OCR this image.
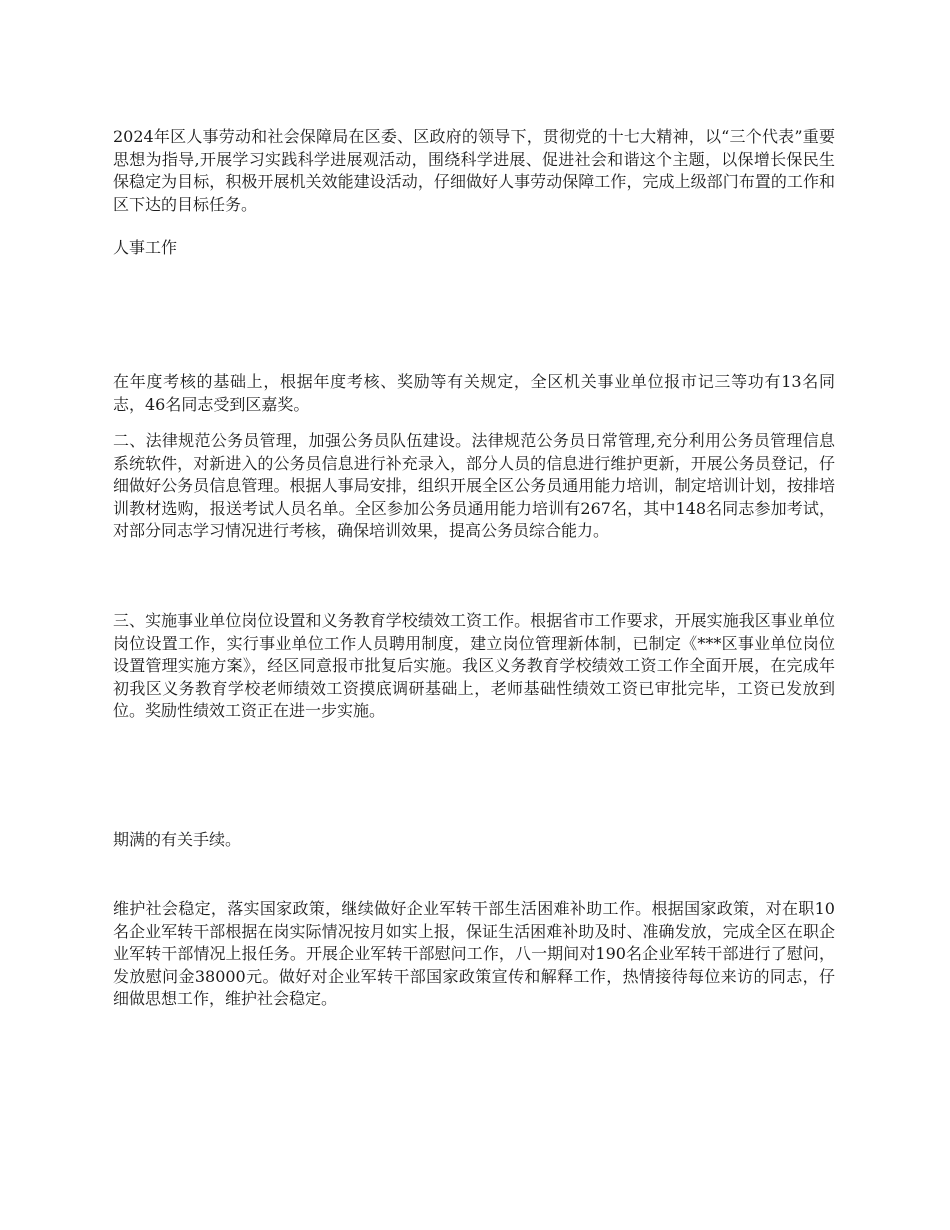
2024年区人事劳动和社会保障局在区委、区政府的领导下，贯彻党的十七大精神，以“三个代表”重要思想为指导,开展学习实践科学进展观活动，围绕科学进展、促进社会和谐这个主题，以保增长保民生保稳定为目标，积极开展机关效能建设活动，仔细做好人事劳动保障工作，完成上级部门布置的工作和区下达的目标任务。

人事工作

在年度考核的基础上，根据年度考核、奖励等有关规定，全区机关事业单位报市记三等功有13名同志，46名同志受到区嘉奖。

二、法律规范公务员管理，加强公务员队伍建设。法律规范公务员日常管理,充分利用公务员管理信息系统软件，对新进入的公务员信息进行补充录入，部分人员的信息进行维护更新，开展公务员登记，仔细做好公务员信息管理。根据人事局安排，组织开展全区公务员通用能力培训，制定培训计划，按排培训教材选购，报送考试人员名单。全区参加公务员通用能力培训有267名，其中148名同志参加考试，对部分同志学习情况进行考核，确保培训效果，提高公务员综合能力。

三、实施事业单位岗位设置和义务教育学校绩效工资工作。根据省市工作要求，开展实施我区事业单位岗位设置工作，实行事业单位工作人员聘用制度，建立岗位管理新体制，已制定《***区事业单位岗位设置管理实施方案》，经区同意报市批复后实施。我区义务教育学校绩效工资工作全面开展，在完成年初我区义务教育学校老师绩效工资摸底调研基础上，老师基础性绩效工资已审批完毕，工资已发放到位。奖励性绩效工资正在进一步实施。

期满的有关手续。

维护社会稳定，落实国家政策，继续做好企业军转干部生活困难补助工作。根据国家政策，对在职10名企业军转干部根据在岗实际情况按月如实上报，保证生活困难补助及时、准确发放，完成全区在职企业军转干部情况上报任务。开展企业军转干部慰问工作，八一期间对190名企业军转干部进行了慰问，发放慰问金38000元。做好对企业军转干部国家政策宣传和解释工作，热情接待每位来访的同志，仔细做思想工作，维护社会稳定。
